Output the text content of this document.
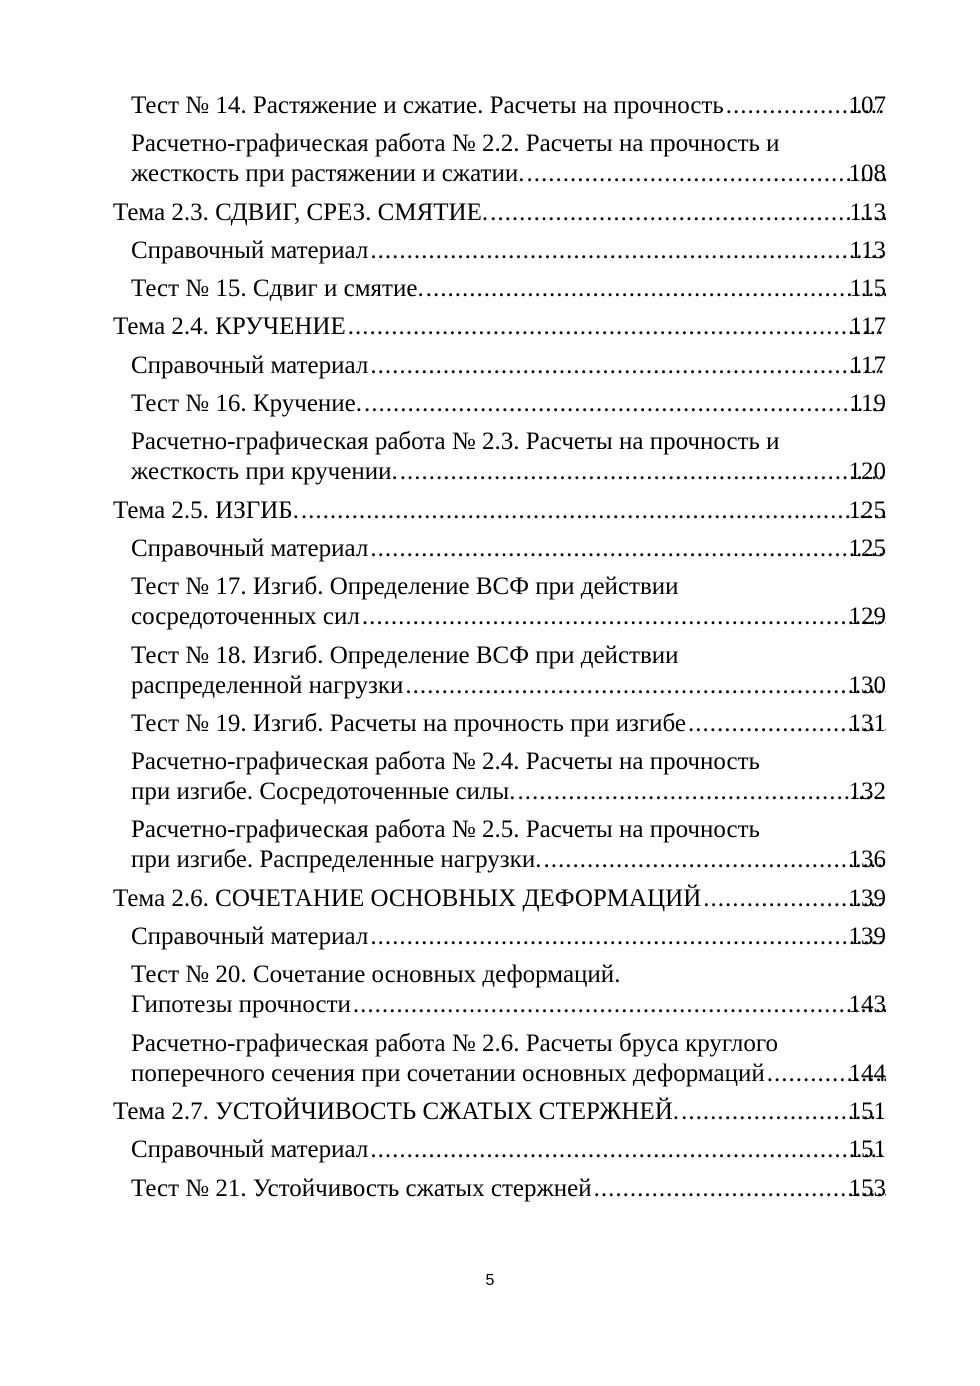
Тест № 14. Растяжение и сжатие. Расчеты на прочность .....	107
Расчетно-графическая работа № 2.2. Расчеты на прочность и
жесткость при растяжении и сжатии. .....	108
Тема 2.3. СДВИГ, СРЕЗ. СМЯТИЕ. .....	113
Справочный материал .....	113
Тест № 15. Сдвиг и смятие. .....	115
Тема 2.4. КРУЧЕНИЕ .....	117
Справочный материал .....	117
Тест № 16. Кручение. .....	119
Расчетно-графическая работа № 2.3. Расчеты на прочность и
жесткость при кручении. .....	120
Тема 2.5. ИЗГИБ. .....	125
Справочный материал .....	125
Тест № 17. Изгиб. Определение ВСФ при действии
сосредоточенных сил .....	129
Тест № 18. Изгиб. Определение ВСФ при действии
распределенной нагрузки .....	130
Тест № 19. Изгиб. Расчеты на прочность при изгибе .....	131
Расчетно-графическая работа № 2.4. Расчеты на прочность
при изгибе. Сосредоточенные силы. .....	132
Расчетно-графическая работа № 2.5. Расчеты на прочность
при изгибе. Распределенные нагрузки. .....	136
Тема 2.6. СОЧЕТАНИЕ ОСНОВНЫХ ДЕФОРМАЦИЙ .....	139
Справочный материал .....	139
Тест № 20. Сочетание основных деформаций.
Гипотезы прочности .....	143
Расчетно-графическая работа № 2.6. Расчеты бруса круглого
поперечного сечения при сочетании основных деформаций .....	144
Тема 2.7. УСТОЙЧИВОСТЬ СЖАТЫХ СТЕРЖНЕЙ. .....	151
Справочный материал .....	151
Тест № 21. Устойчивость сжатых стержней .....	153
5
